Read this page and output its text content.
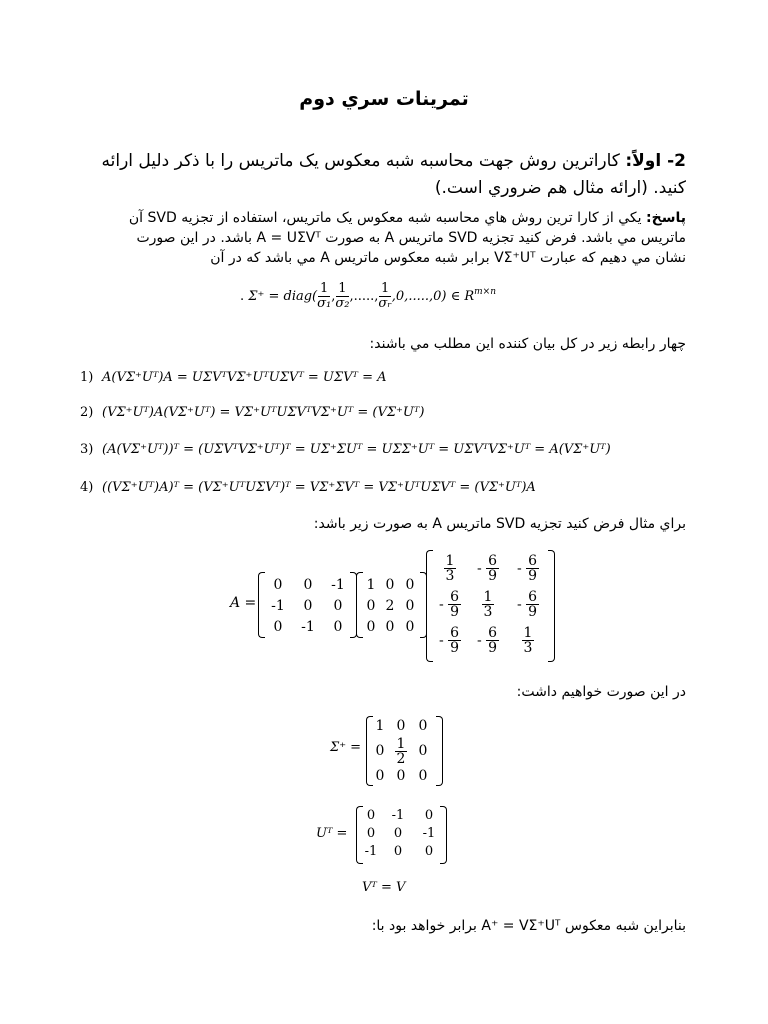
تمرينات سري دوم
2- اولاً: كاراترين روش جهت محاسبه شبه معكوس يک ماتريس را با ذكر دليل ارائه كنيد. (ارائه مثال هم ضروري است.)
پاسخ: يكي از كارا ترين روش هاي محاسبه شبه معكوس يک ماتريس، استفاده از تجزيه SVD آن
ماتريس مي باشد. فرض كنيد تجزيه SVD ماتريس A به صورت A = UΣVᵀ باشد. در اين صورت
نشان مي دهيم كه عبارت VΣ⁺Uᵀ برابر شبه معكوس ماتريس A مي باشد كه در آن
. Σ⁺ = diag( $\frac{1}{\text{σ₁}}$ , $\frac{1}{\text{σ₂}}$ ,....., $\frac{1}{\text{σᵣ}} ,0,.....,0$) ∈ $R^{m\times n}$
چهار رابطه زير در كل بيان كننده اين مطلب مي باشند:
1) A(VΣ⁺Uᵀ)A = UΣVᵀVΣ⁺UᵀUΣVᵀ = UΣVᵀ = A
2) (VΣ⁺Uᵀ)A(VΣ⁺Uᵀ) = VΣ⁺UᵀUΣVᵀVΣ⁺Uᵀ = (VΣ⁺Uᵀ)
3) (A(VΣ⁺Uᵀ))ᵀ = (UΣVᵀVΣ⁺Uᵀ)ᵀ = UΣ⁺ΣUᵀ = UΣΣ⁺Uᵀ = UΣVᵀVΣ⁺Uᵀ = A(VΣ⁺Uᵀ)
4) ((VΣ⁺Uᵀ)A)ᵀ = (VΣ⁺UᵀUΣVᵀ)ᵀ = VΣ⁺ΣVᵀ = VΣ⁺UᵀUΣVᵀ = (VΣ⁺Uᵀ)A
براي مثال فرض كنيد تجزيه SVD ماتريس A به صورت زير باشد:
A =
0	0	-1
-1	0	0
0	-1	0
1	0	0
0	2	0
0	0	0
$\frac{1}{3}$	- $\frac{6}{9}$	- $\frac{6}{9}$

- $\frac{6}{9}$	$\frac{1}{3}$	- $\frac{6}{9}$

- $\frac{6}{9}$	- $\frac{6}{9}$	$\frac{1}{3}$
در اين صورت خواهيم داشت:
Σ⁺ =
1	0	0
0	$\frac{1}{2}$	0
0	0	0
Uᵀ =
0	-1	0
0	0	-1
-1	0	0
Vᵀ = V
بنابراين شبه معكوس A⁺ = VΣ⁺Uᵀ برابر خواهد بود با:
